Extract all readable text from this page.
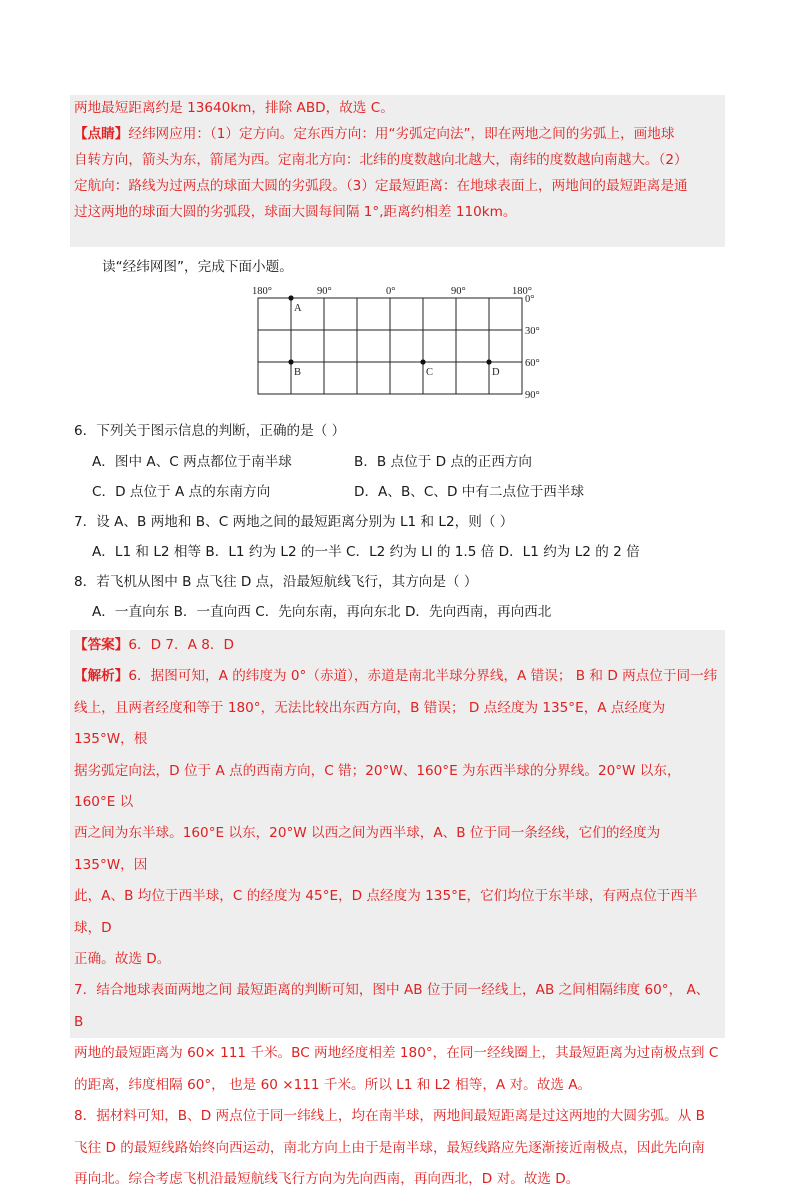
两地最短距离约是 13640km，排除 ABD，故选 C。

【点睛】经纬网应用：（1）定方向。定东西方向：用“劣弧定向法”，即在两地之间的劣弧上，画地球

自转方向，箭头为东，箭尾为西。定南北方向：北纬的度数越向北越大，南纬的度数越向南越大。（2）

定航向：路线为过两点的球面大圆的劣弧段。（3）定最短距离：在地球表面上，两地间的最短距离是通

过这两地的球面大圆的劣弧段，球面大圆每间隔 1°,距离约相差 110km。

读“经纬网图”，完成下面小题。
180°	90°	0°	90°	180°
0°
30°
60°
90°
A
B	C	D
6．下列关于图示信息的判断，正确的是（ ）
A．图中 A、C 两点都位于南半球	B．B 点位于 D 点的正西方向
C．D 点位于 A 点的东南方向	D．A、B、C、D 中有二点位于西半球
7．设 A、B 两地和 B、C 两地之间的最短距离分别为 L1 和 L2，则（ ）
A．L1 和 L2 相等 B．L1 约为 L2 的一半 C．L2 约为 Ll 的 1.5 倍 D．L1 约为 L2 的 2 倍
8．若飞机从图中 B 点飞往 D 点，沿最短航线飞行，其方向是（ ）
A．一直向东 B．一直向西 C．先向东南，再向东北 D．先向西南，再向西北

【答案】6．D 7．A 8．D

【解析】6．据图可知，A 的纬度为 0°（赤道），赤道是南北半球分界线，A 错误； B 和 D 两点位于同一纬

线上，且两者经度和等于 180°，无法比较出东西方向，B 错误； D 点经度为 135°E，A 点经度为 135°W，根

据劣弧定向法，D 位于 A 点的西南方向，C 错；20°W、160°E 为东西半球的分界线。20°W 以东，160°E 以

西之间为东半球。160°E 以东，20°W 以西之间为西半球，A、B 位于同一条经线，它们的经度为 135°W，因

此，A、B 均位于西半球，C 的经度为 45°E，D 点经度为 135°E，它们均位于东半球，有两点位于西半球，D

正确。故选 D。

7．结合地球表面两地之间 最短距离的判断可知，图中 AB 位于同一经线上，AB 之间相隔纬度 60°， A、 B

两地的最短距离为 60× 111 千米。BC 两地经度相差 180°，在同一经线圈上，其最短距离为过南极点到 C

的距离，纬度相隔 60°， 也是 60 ×111 千米。所以 L1 和 L2 相等，A 对。故选 A。

8．据材料可知，B、D 两点位于同一纬线上，均在南半球，两地间最短距离是过这两地的大圆劣弧。从 B

飞往 D 的最短线路始终向西运动，南北方向上由于是南半球，最短线路应先逐渐接近南极点，因此先向南

再向北。综合考虑飞机沿最短航线飞行方向为先向西南，再向西北，D 对。故选 D。
